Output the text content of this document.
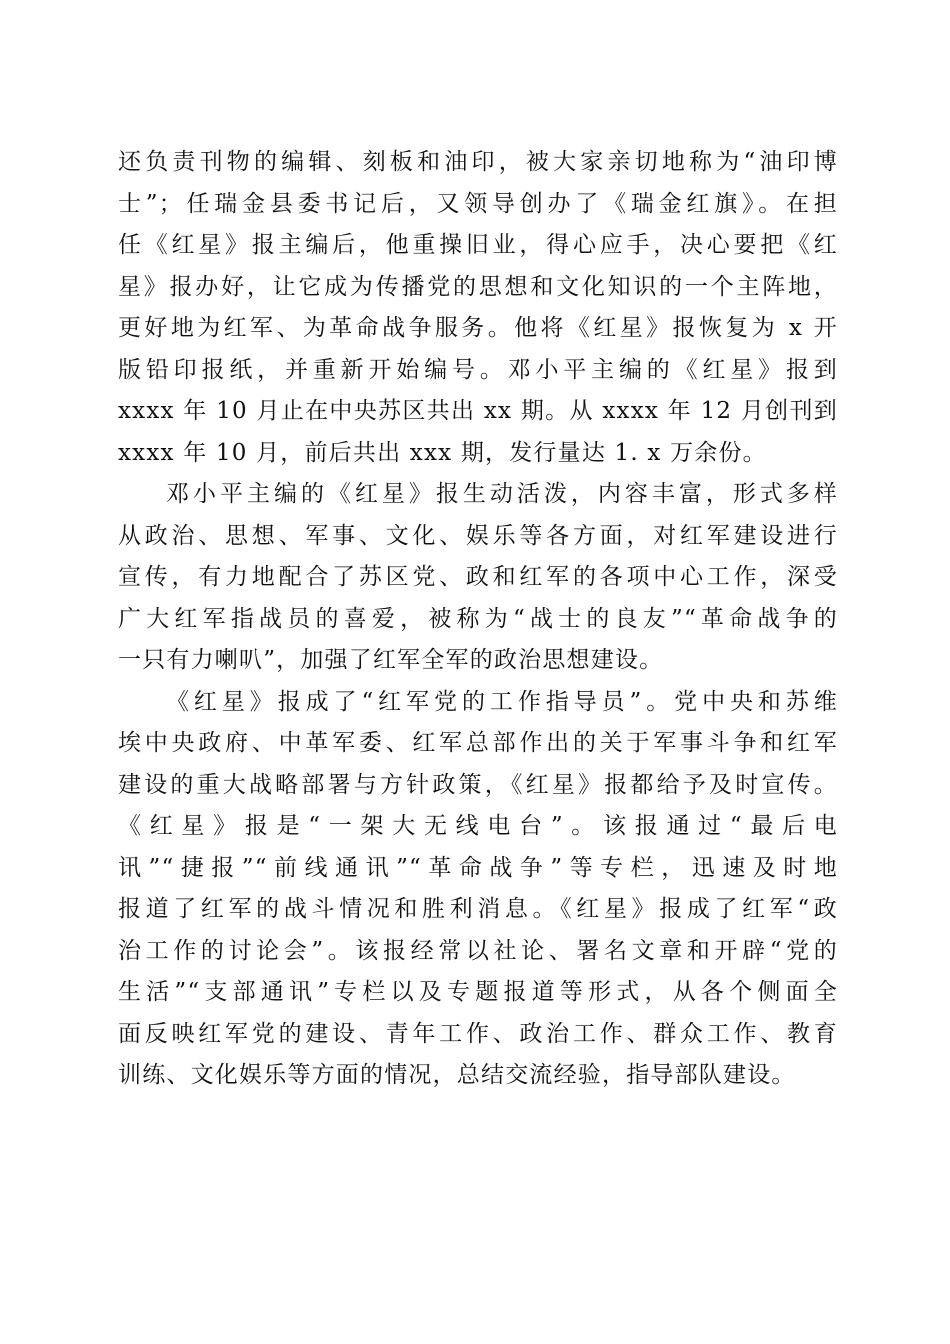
还负责刊物的编辑、刻板和油印，被大家亲切地称为“油印博
士”；任瑞金县委书记后，又领导创办了《瑞金红旗》。在担
任《红星》报主编后，他重操旧业，得心应手，决心要把《红
星》报办好，让它成为传播党的思想和文化知识的一个主阵地，
更好地为红军、为革命战争服务。他将《红星》报恢复为 x 开
版铅印报纸，并重新开始编号。邓小平主编的《红星》报到
xxxx 年 10 月止在中央苏区共出 xx 期。从 xxxx 年 12 月创刊到
xxxx 年 10 月，前后共出 xxx 期，发行量达 1. x 万余份。
邓小平主编的《红星》报生动活泼，内容丰富，形式多样
从政治、思想、军事、文化、娱乐等各方面，对红军建设进行
宣传，有力地配合了苏区党、政和红军的各项中心工作，深受
广大红军指战员的喜爱，被称为“战士的良友”“革命战争的
一只有力喇叭”，加强了红军全军的政治思想建设。
《红星》报成了“红军党的工作指导员”。党中央和苏维
埃中央政府、中革军委、红军总部作出的关于军事斗争和红军
建设的重大战略部署与方针政策，《红星》报都给予及时宣传。
《红星》报是“一架大无线电台”。该报通过“最后电
讯”“捷报”“前线通讯”“革命战争”等专栏，迅速及时地
报道了红军的战斗情况和胜利消息。《红星》报成了红军“政
治工作的讨论会”。该报经常以社论、署名文章和开辟“党的
生活”“支部通讯”专栏以及专题报道等形式，从各个侧面全
面反映红军党的建设、青年工作、政治工作、群众工作、教育
训练、文化娱乐等方面的情况，总结交流经验，指导部队建设。
